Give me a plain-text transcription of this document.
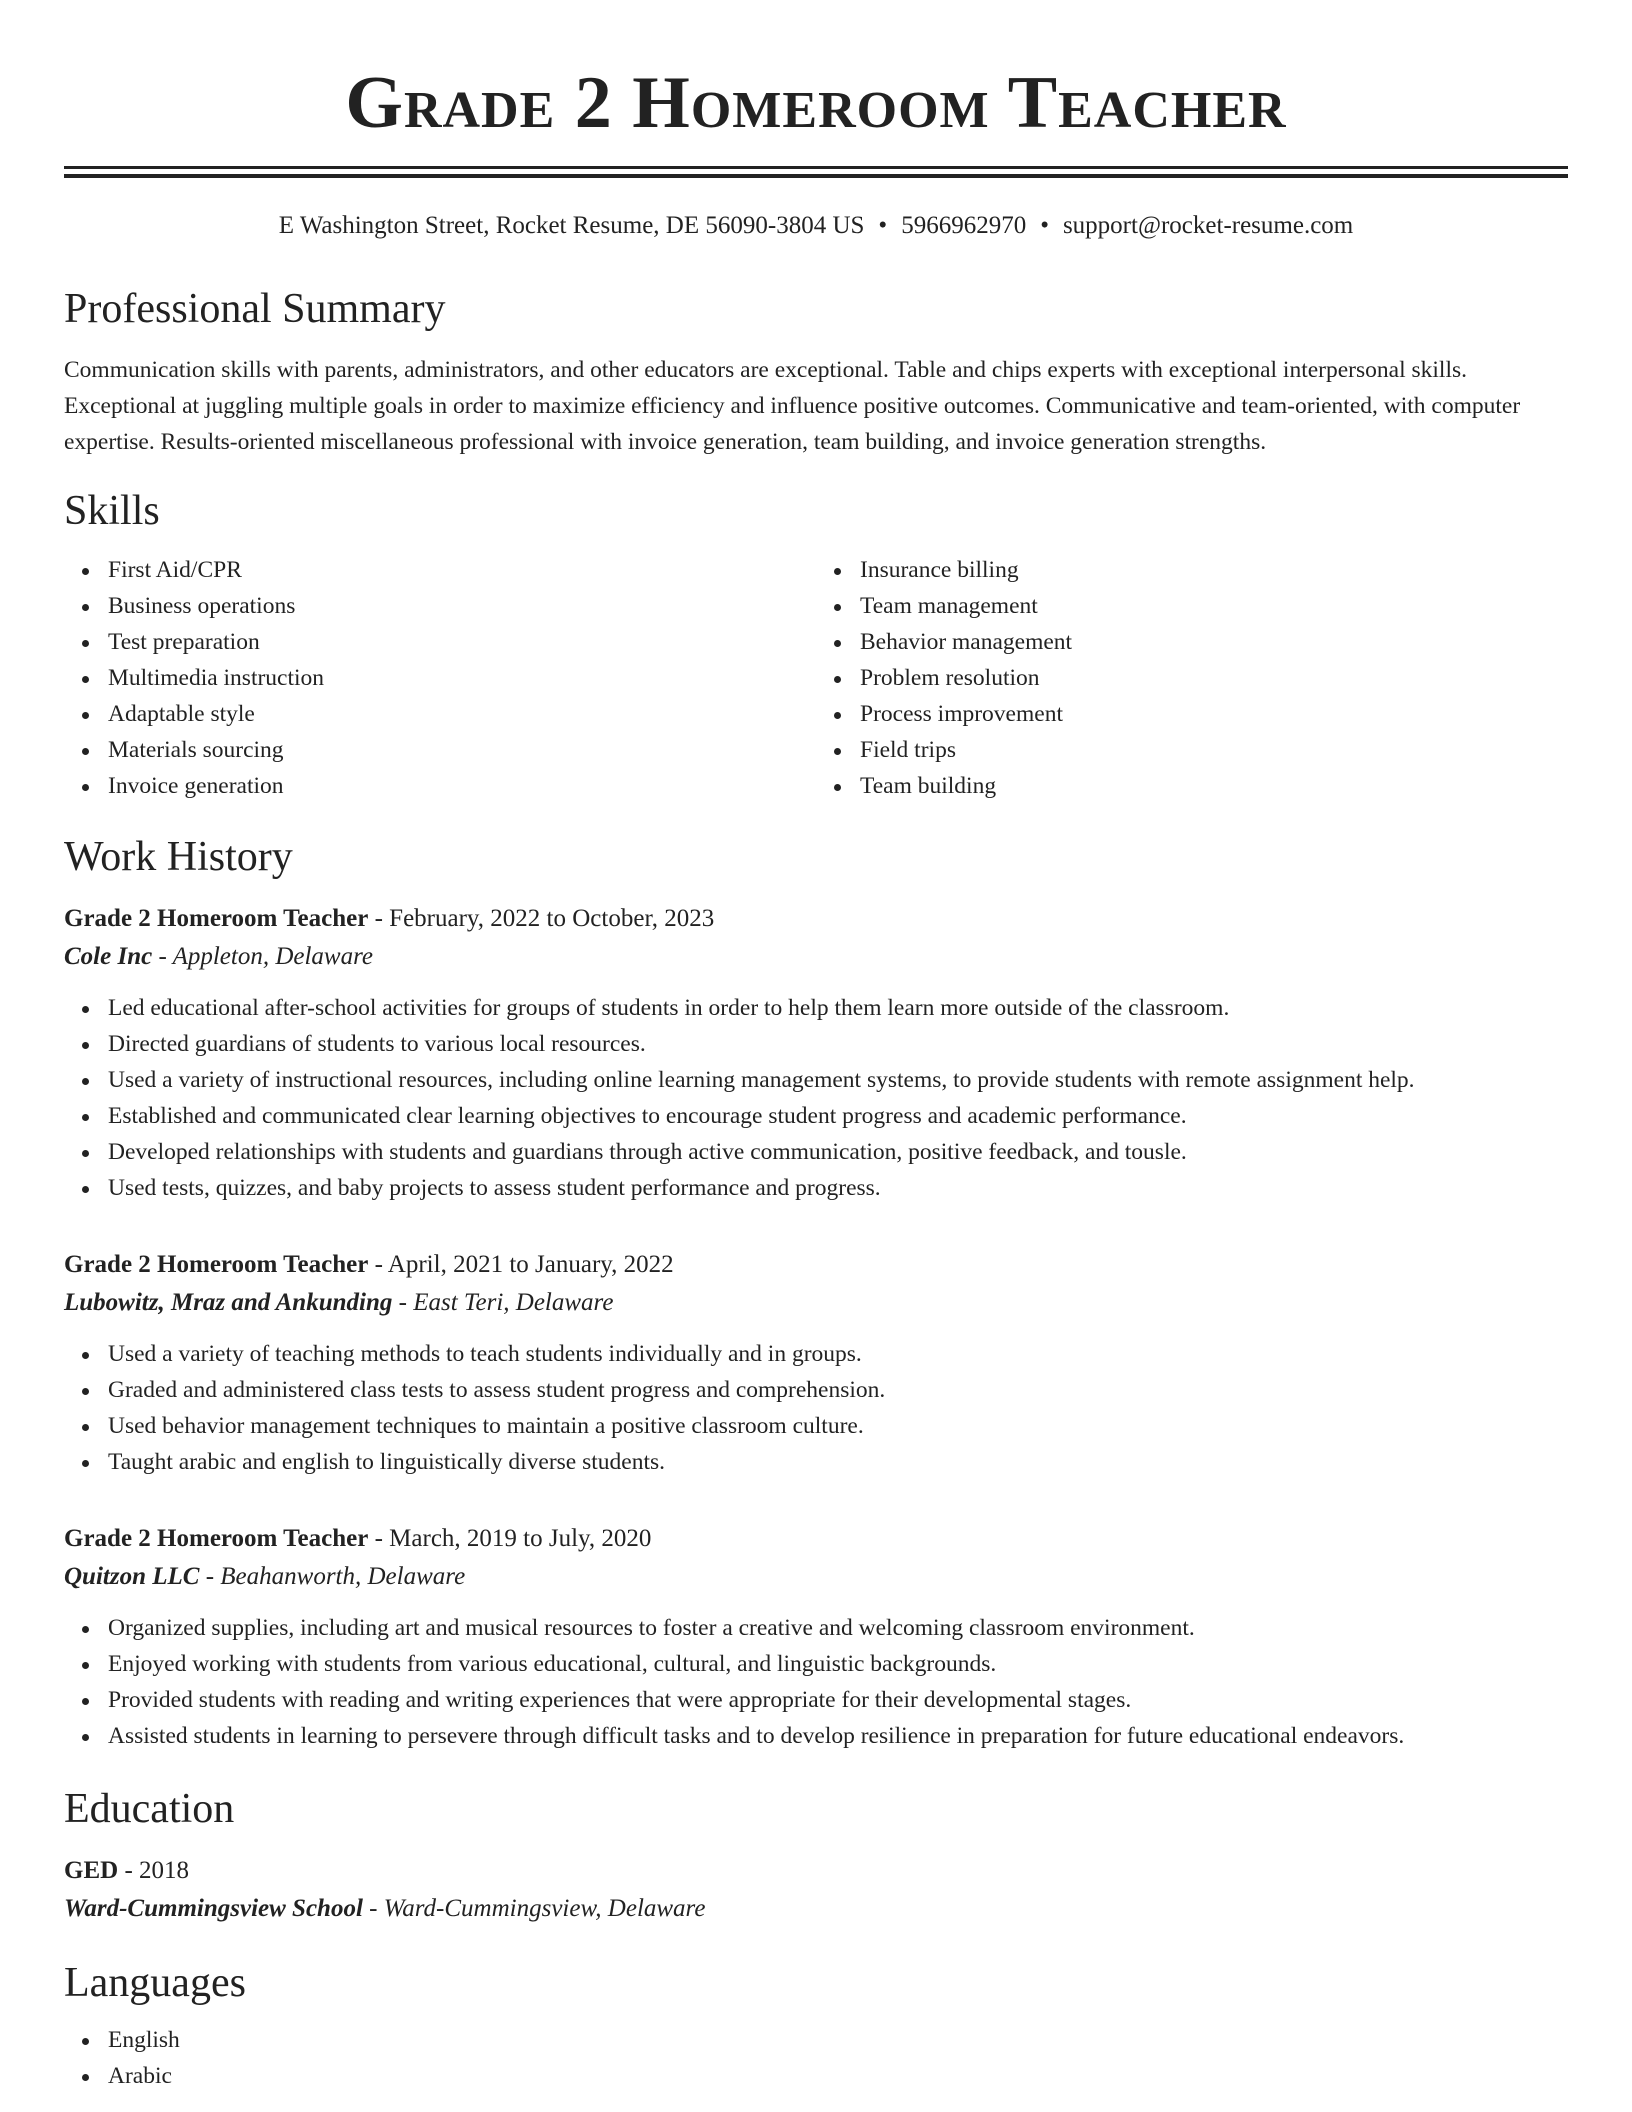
Grade 2 Homeroom Teacher
E Washington Street, Rocket Resume, DE 56090-3804 US • 5966962970 • support@rocket-resume.com
Professional Summary

Communication skills with parents, administrators, and other educators are exceptional. Table and chips experts with exceptional interpersonal skills. Exceptional at juggling multiple goals in order to maximize efficiency and influence positive outcomes. Communicative and team-oriented, with computer expertise. Results-oriented miscellaneous professional with invoice generation, team building, and invoice generation strengths.

Skills
First Aid/CPR
Business operations
Test preparation
Multimedia instruction
Adaptable style
Materials sourcing
Invoice generation
Insurance billing
Team management
Behavior management
Problem resolution
Process improvement
Field trips
Team building
Work History
Grade 2 Homeroom Teacher - February, 2022 to October, 2023
Cole Inc - Appleton, Delaware
Led educational after-school activities for groups of students in order to help them learn more outside of the classroom.
Directed guardians of students to various local resources.
Used a variety of instructional resources, including online learning management systems, to provide students with remote assignment help.
Established and communicated clear learning objectives to encourage student progress and academic performance.
Developed relationships with students and guardians through active communication, positive feedback, and tousle.
Used tests, quizzes, and baby projects to assess student performance and progress.
Grade 2 Homeroom Teacher - April, 2021 to January, 2022
Lubowitz, Mraz and Ankunding - East Teri, Delaware
Used a variety of teaching methods to teach students individually and in groups.
Graded and administered class tests to assess student progress and comprehension.
Used behavior management techniques to maintain a positive classroom culture.
Taught arabic and english to linguistically diverse students.
Grade 2 Homeroom Teacher - March, 2019 to July, 2020
Quitzon LLC - Beahanworth, Delaware
Organized supplies, including art and musical resources to foster a creative and welcoming classroom environment.
Enjoyed working with students from various educational, cultural, and linguistic backgrounds.
Provided students with reading and writing experiences that were appropriate for their developmental stages.
Assisted students in learning to persevere through difficult tasks and to develop resilience in preparation for future educational endeavors.
Education
GED - 2018
Ward-Cummingsview School - Ward-Cummingsview, Delaware
Languages
English
Arabic
